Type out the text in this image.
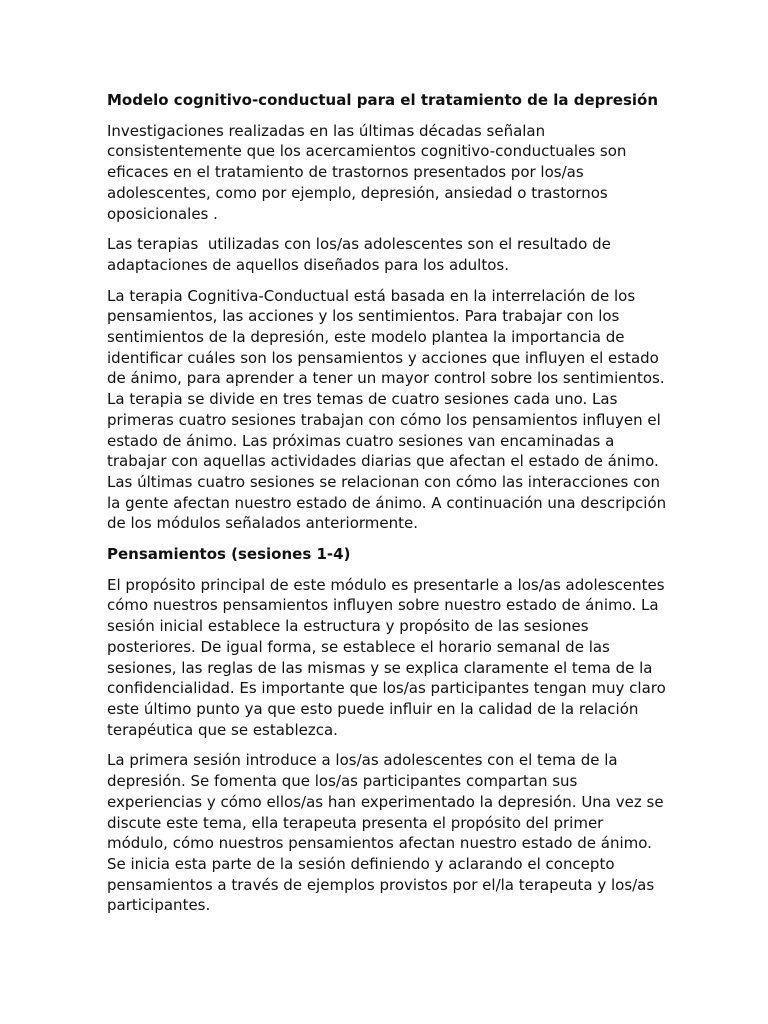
Modelo cognitivo-conductual para el tratamiento de la depresión

Investigaciones realizadas en las últimas décadas señalan consistentemente que los acercamientos cognitivo-conductuales son eficaces en el tratamiento de trastornos presentados por los/as adolescentes, como por ejemplo, depresión, ansiedad o trastornos oposicionales .

Las terapias  utilizadas con los/as adolescentes son el resultado de adaptaciones de aquellos diseñados para los adultos.

La terapia Cognitiva-Conductual está basada en la interrelación de los pensamientos, las acciones y los sentimientos. Para trabajar con los sentimientos de la depresión, este modelo plantea la importancia de identificar cuáles son los pensamientos y acciones que influyen el estado de ánimo, para aprender a tener un mayor control sobre los sentimientos. La terapia se divide en tres temas de cuatro sesiones cada uno. Las primeras cuatro sesiones trabajan con cómo los pensamientos influyen el estado de ánimo. Las próximas cuatro sesiones van encaminadas a trabajar con aquellas actividades diarias que afectan el estado de ánimo. Las últimas cuatro sesiones se relacionan con cómo las interacciones con la gente afectan nuestro estado de ánimo. A continuación una descripción de los módulos señalados anteriormente.

Pensamientos (sesiones 1-4)

El propósito principal de este módulo es presentarle a los/as adolescentes cómo nuestros pensamientos influyen sobre nuestro estado de ánimo. La sesión inicial establece la estructura y propósito de las sesiones posteriores. De igual forma, se establece el horario semanal de las sesiones, las reglas de las mismas y se explica claramente el tema de la confidencialidad. Es importante que los/as participantes tengan muy claro este último punto ya que esto puede influir en la calidad de la relación terapéutica que se establezca.

La primera sesión introduce a los/as adolescentes con el tema de la depresión. Se fomenta que los/as participantes compartan sus experiencias y cómo ellos/as han experimentado la depresión. Una vez se discute este tema, ella terapeuta presenta el propósito del primer módulo, cómo nuestros pensamientos afectan nuestro estado de ánimo. Se inicia esta parte de la sesión definiendo y aclarando el concepto pensamientos a través de ejemplos provistos por el/la terapeuta y los/as participantes.
